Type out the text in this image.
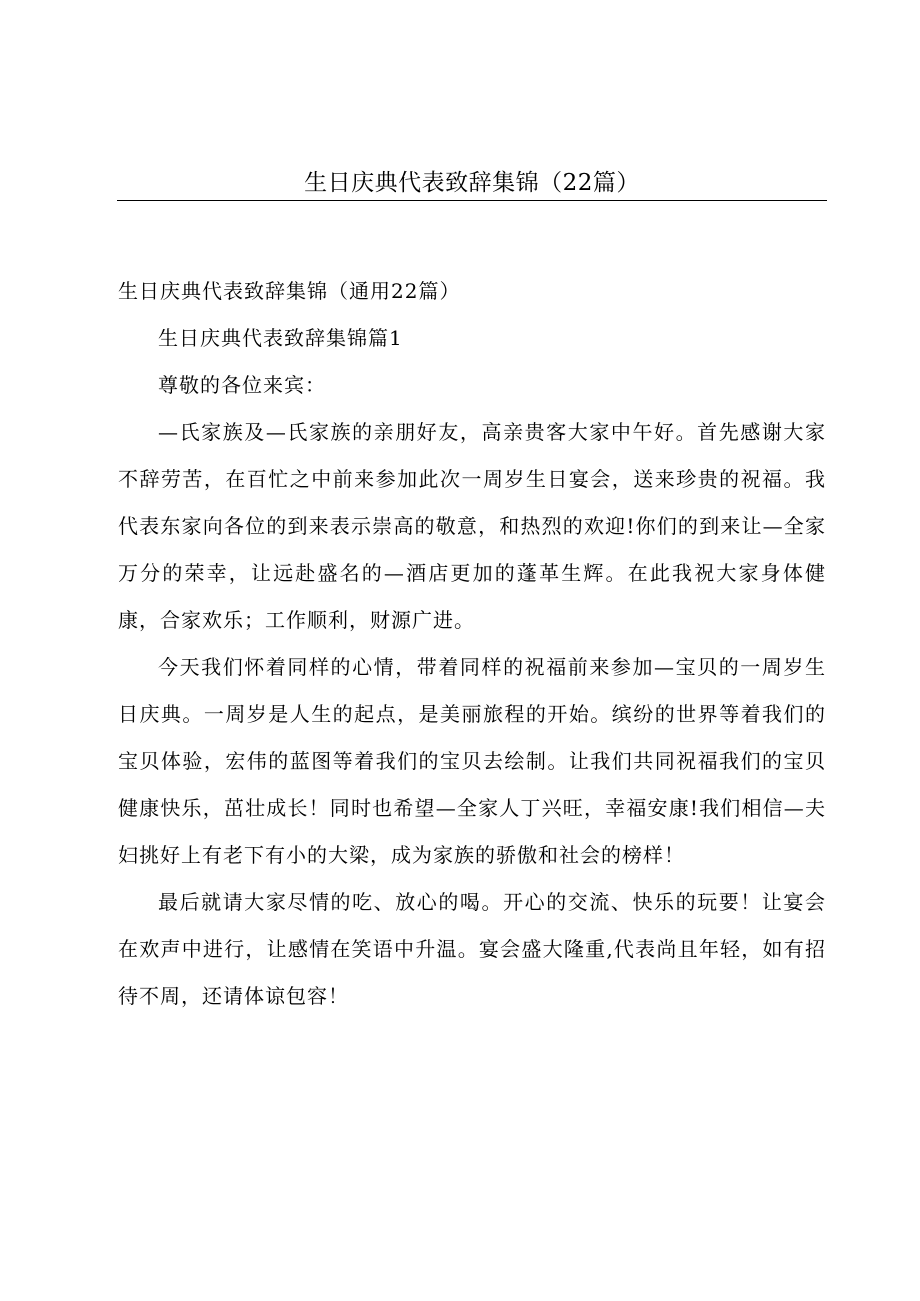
生日庆典代表致辞集锦（22篇）

生日庆典代表致辞集锦（通用22篇）

生日庆典代表致辞集锦篇1

尊敬的各位来宾：

—氏家族及—氏家族的亲朋好友，高亲贵客大家中午好。首先感谢大家不辞劳苦，在百忙之中前来参加此次一周岁生日宴会，送来珍贵的祝福。我代表东家向各位的到来表示崇高的敬意，和热烈的欢迎!你们的到来让—全家万分的荣幸，让远赴盛名的—酒店更加的蓬革生辉。在此我祝大家身体健康，合家欢乐；工作顺利，财源广进。

今天我们怀着同样的心情，带着同样的祝福前来参加—宝贝的一周岁生日庆典。一周岁是人生的起点，是美丽旅程的开始。缤纷的世界等着我们的宝贝体验，宏伟的蓝图等着我们的宝贝去绘制。让我们共同祝福我们的宝贝健康快乐，茁壮成长！同时也希望—全家人丁兴旺，幸福安康!我们相信—夫妇挑好上有老下有小的大梁，成为家族的骄傲和社会的榜样！

最后就请大家尽情的吃、放心的喝。开心的交流、快乐的玩要！让宴会在欢声中进行，让感情在笑语中升温。宴会盛大隆重,代表尚且年轻，如有招待不周，还请体谅包容！
